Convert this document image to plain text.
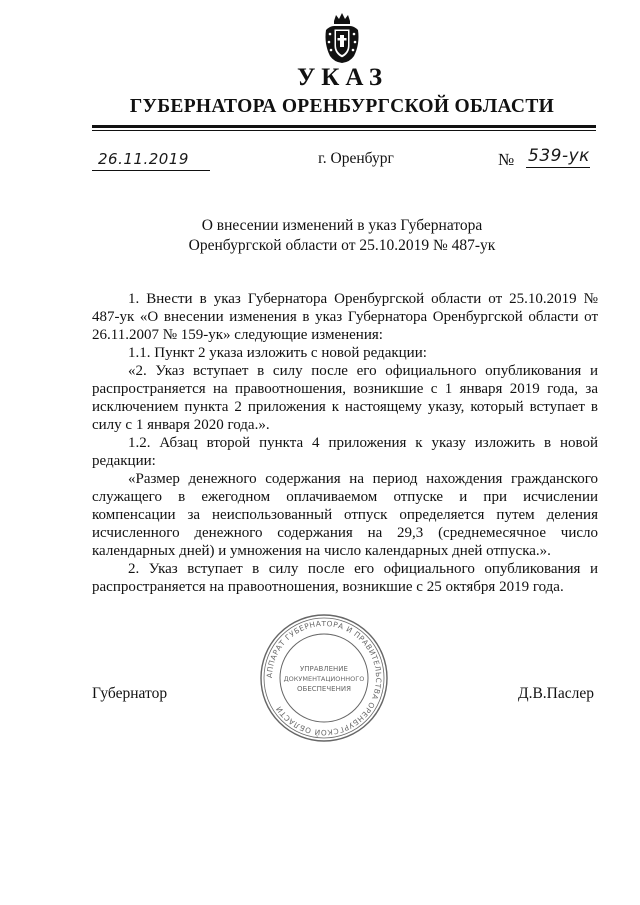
УКАЗ
ГУБЕРНАТОРА ОРЕНБУРГСКОЙ ОБЛАСТИ
26.11.2019	г. Оренбург	№ 539-ук
О внесении изменений в указ Губернатора
Оренбургской области от 25.10.2019 № 487-ук

1. Внести в указ Губернатора Оренбургской области от 25.10.2019 № 487-ук «О внесении изменения в указ Губернатора Оренбургской области от 26.11.2007 № 159-ук» следующие изменения:

1.1. Пункт 2 указа изложить с новой редакции:

«2. Указ вступает в силу после его официального опубликования и распространяется на правоотношения, возникшие с 1 января 2019 года, за исключением пункта 2 приложения к настоящему указу, который вступает в силу с 1 января 2020 года.».

1.2. Абзац второй пункта 4 приложения к указу изложить в новой редакции:

«Размер денежного содержания на период нахождения гражданского служащего в ежегодном оплачиваемом отпуске и при исчислении компенсации за неиспользованный отпуск определяется путем деления исчисленного денежного содержания на 29,3 (среднемесячное число календарных дней) и умножения на число календарных дней отпуска.».

2. Указ вступает в силу после его официального опубликования и распространяется на правоотношения, возникшие с 25 октября 2019 года.

Губернатор	Д.В.Паслер
АППАРАТ ГУБЕРНАТОРА И ПРАВИТЕЛЬСТВА ОРЕНБУРГСКОЙ ОБЛАСТИ
УПРАВЛЕНИЕ
ДОКУМЕНТАЦИОННОГО
ОБЕСПЕЧЕНИЯ
